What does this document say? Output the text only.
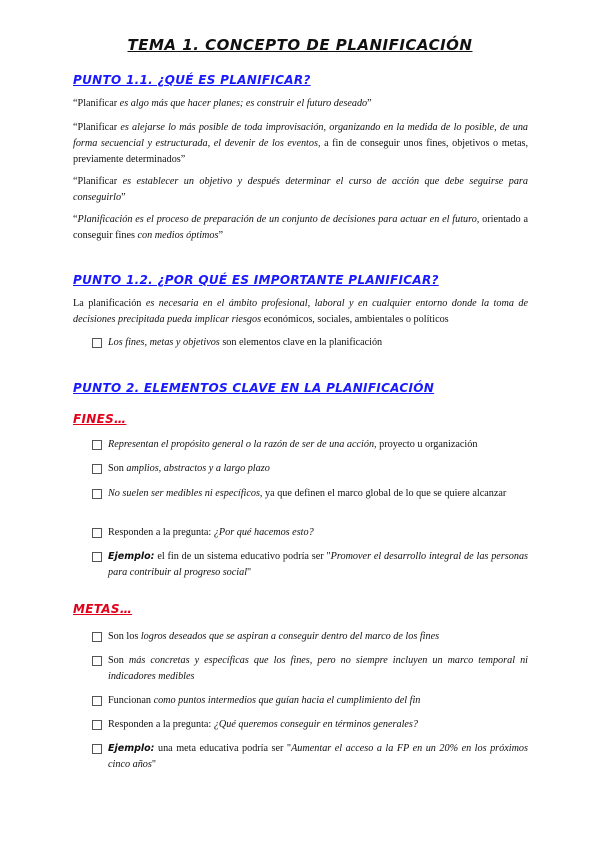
TEMA 1. CONCEPTO DE PLANIFICACIÓN
PUNTO 1.1. ¿QUÉ ES PLANIFICAR?

“Planificar es algo más que hacer planes; es construir el futuro deseado”

“Planificar es alejarse lo más posible de toda improvisación, organizando en la medida de lo posible, de una forma secuencial y estructurada, el devenir de los eventos, a fin de conseguir unos fines, objetivos o metas, previamente determinados”

“Planificar es establecer un objetivo y después determinar el curso de acción que debe seguirse para conseguirlo”

“Planificación es el proceso de preparación de un conjunto de decisiones para actuar en el futuro, orientado a conseguir fines con medios óptimos”

PUNTO 1.2. ¿POR QUÉ ES IMPORTANTE PLANIFICAR?

La planificación es necesaria en el ámbito profesional, laboral y en cualquier entorno donde la toma de decisiones precipitada pueda implicar riesgos económicos, sociales, ambientales o políticos

Los fines, metas y objetivos son elementos clave en la planificación
PUNTO 2. ELEMENTOS CLAVE EN LA PLANIFICACIÓN
FINES…
Representan el propósito general o la razón de ser de una acción, proyecto u organización
Son amplios, abstractos y a largo plazo
No suelen ser medibles ni específicos, ya que definen el marco global de lo que se quiere alcanzar
Responden a la pregunta: ¿Por qué hacemos esto?
Ejemplo: el fin de un sistema educativo podría ser "Promover el desarrollo integral de las personas para contribuir al progreso social"
METAS…
Son los logros deseados que se aspiran a conseguir dentro del marco de los fines
Son más concretas y específicas que los fines, pero no siempre incluyen un marco temporal ni indicadores medibles
Funcionan como puntos intermedios que guían hacia el cumplimiento del fin
Responden a la pregunta: ¿Qué queremos conseguir en términos generales?
Ejemplo: una meta educativa podría ser "Aumentar el acceso a la FP en un 20% en los próximos cinco años"
